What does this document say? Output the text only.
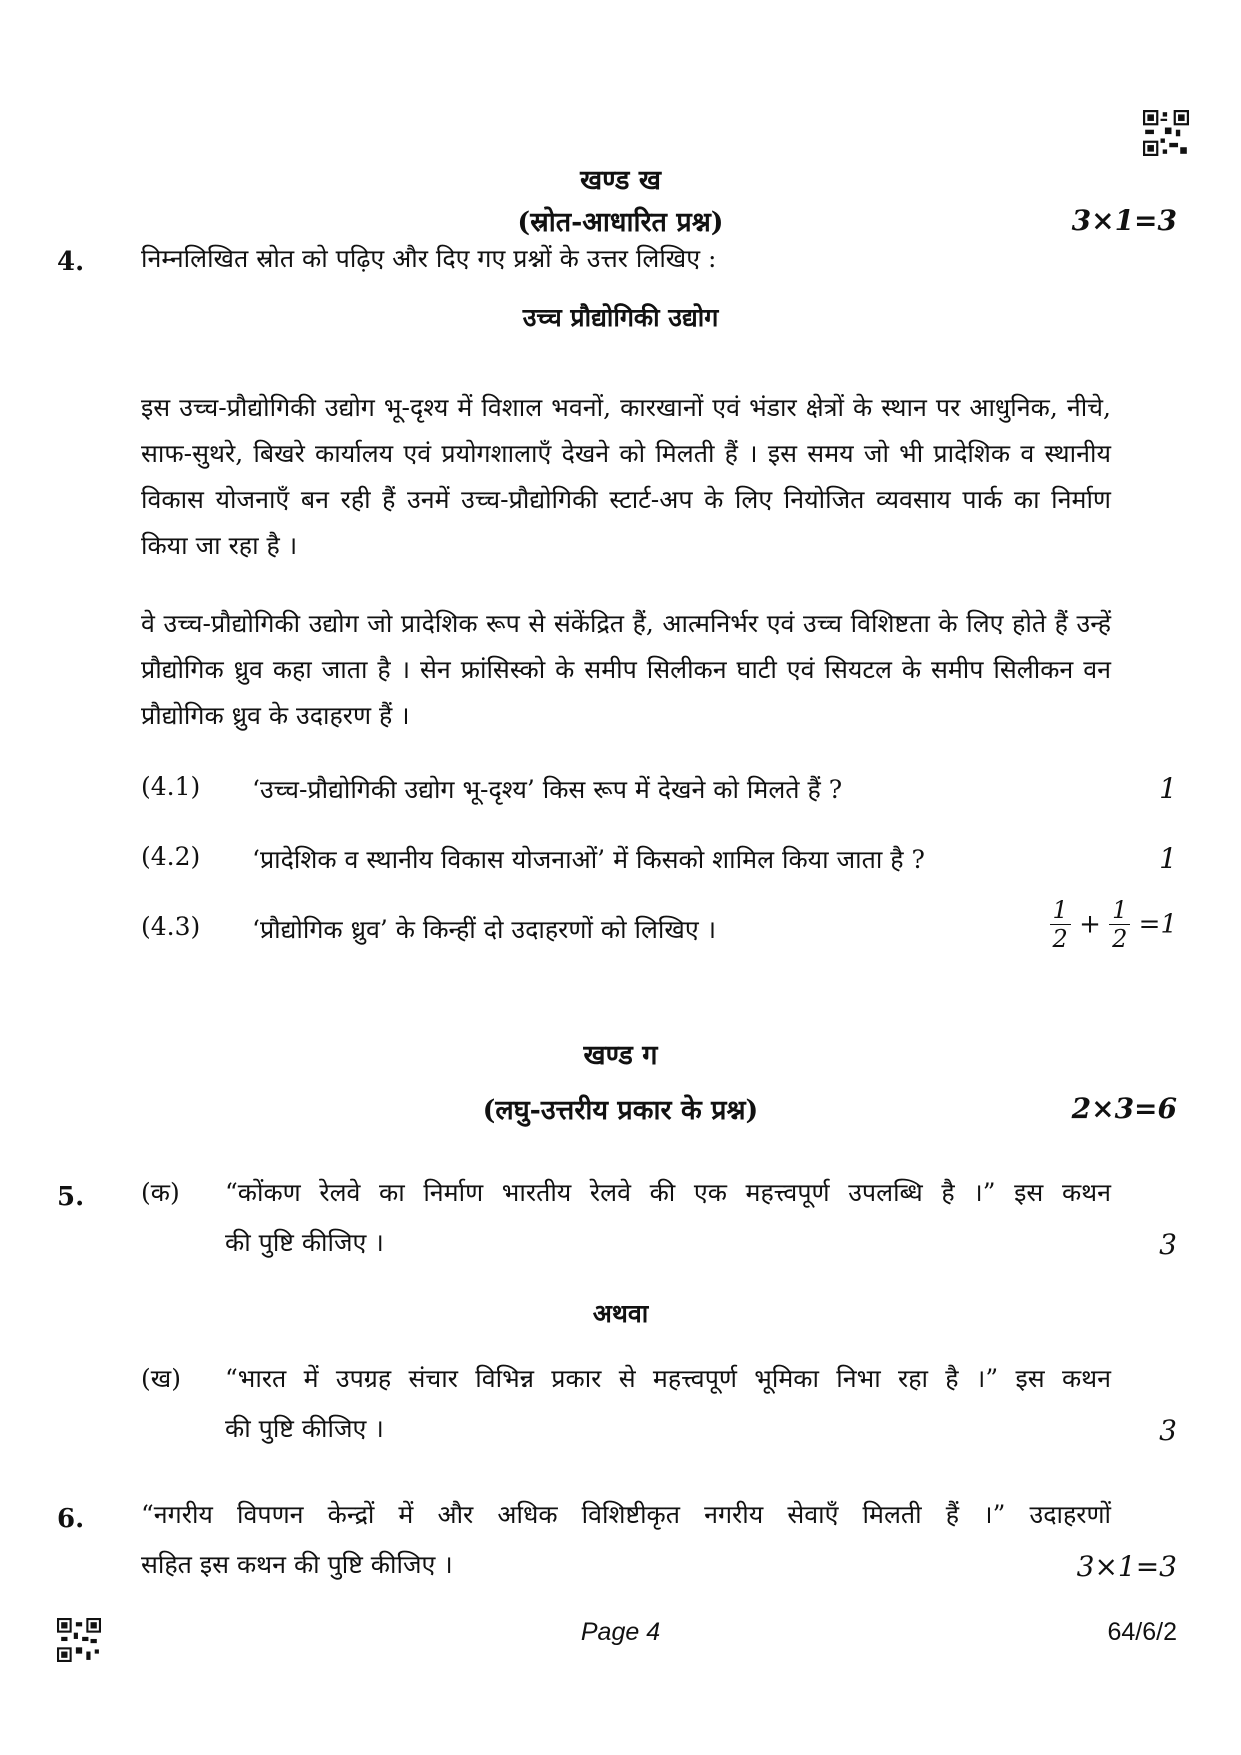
खण्ड ख
(स्रोत-आधारित प्रश्न)	3×1=3
4. निम्नलिखित स्रोत को पढ़िए और दिए गए प्रश्नों के उत्तर लिखिए :
उच्च प्रौद्योगिकी उद्योग
इस उच्च-प्रौद्योगिकी उद्योग भू-दृश्य में विशाल भवनों, कारखानों एवं भंडार क्षेत्रों के स्थान पर आधुनिक, नीचे, साफ-सुथरे, बिखरे कार्यालय एवं प्रयोगशालाएँ देखने को मिलती हैं । इस समय जो भी प्रादेशिक व स्थानीय विकास योजनाएँ बन रही हैं उनमें उच्च-प्रौद्योगिकी स्टार्ट-अप के लिए नियोजित व्यवसाय पार्क का निर्माण किया जा रहा है ।
वे उच्च-प्रौद्योगिकी उद्योग जो प्रादेशिक रूप से संकेंद्रित हैं, आत्मनिर्भर एवं उच्च विशिष्टता के लिए होते हैं उन्हें प्रौद्योगिक ध्रुव कहा जाता है । सेन फ्रांसिस्को के समीप सिलीकन घाटी एवं सियटल के समीप सिलीकन वन प्रौद्योगिक ध्रुव के उदाहरण हैं ।
(4.1) ‘उच्च-प्रौद्योगिकी उद्योग भू-दृश्य’ किस रूप में देखने को मिलते हैं ?	1
(4.2) ‘प्रादेशिक व स्थानीय विकास योजनाओं’ में किसको शामिल किया जाता है ?	1
(4.3) ‘प्रौद्योगिक ध्रुव’ के किन्हीं दो उदाहरणों को लिखिए ।	$\frac{1}{2} + \frac{1}{2} =1$
खण्ड ग
(लघु-उत्तरीय प्रकार के प्रश्न)	2×3=6
5. (क) “कोंकण रेलवे का निर्माण भारतीय रेलवे की एक महत्त्वपूर्ण उपलब्धि है ।” इस कथन
की पुष्टि कीजिए ।	3
अथवा
(ख) “भारत में उपग्रह संचार विभिन्न प्रकार से महत्त्वपूर्ण भूमिका निभा रहा है ।” इस कथन
की पुष्टि कीजिए ।	3
6. “नगरीय विपणन केन्द्रों में और अधिक विशिष्टीकृत नगरीय सेवाएँ मिलती हैं ।” उदाहरणों
सहित इस कथन की पुष्टि कीजिए ।	3×1=3
Page 4	64/6/2
